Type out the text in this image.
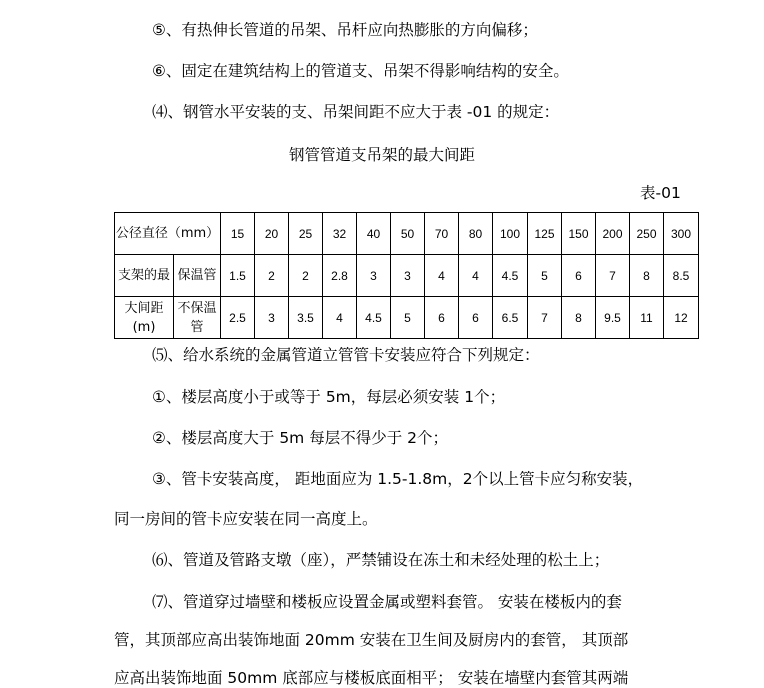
⑤、有热伸长管道的吊架、吊杆应向热膨胀的方向偏移；
⑥、固定在建筑结构上的管道支、吊架不得影响结构的安全。
⑷、钢管水平安装的支、吊架间距不应大于表 -01 的规定：
钢管管道支吊架的最大间距
表-01
公径直径（mm）		15	20	25	32	40	50	70	80	100	125	150	200	250	300
支架的最	保温管	1.5	2	2	2.8	3	3	4	4	4.5	5	6	7	8	8.5
大间距(m)	不保温管	2.5	3	3.5	4	4.5	5	6	6	6.5	7	8	9.5	11	12
⑸、给水系统的金属管道立管管卡安装应符合下列规定：
①、楼层高度小于或等于 5m，每层必须安装 1个；
②、楼层高度大于 5m 每层不得少于 2个；
③、管卡安装高度， 距地面应为 1.5-1.8m，2个以上管卡应匀称安装，
同一房间的管卡应安装在同一高度上。
⑹、管道及管路支墩（座），严禁铺设在冻土和未经处理的松土上；
⑺、管道穿过墙壁和楼板应设置金属或塑料套管。 安装在楼板内的套
管，其顶部应高出装饰地面 20mm 安装在卫生间及厨房内的套管， 其顶部
应高出装饰地面 50mm 底部应与楼板底面相平； 安装在墙壁内套管其两端
